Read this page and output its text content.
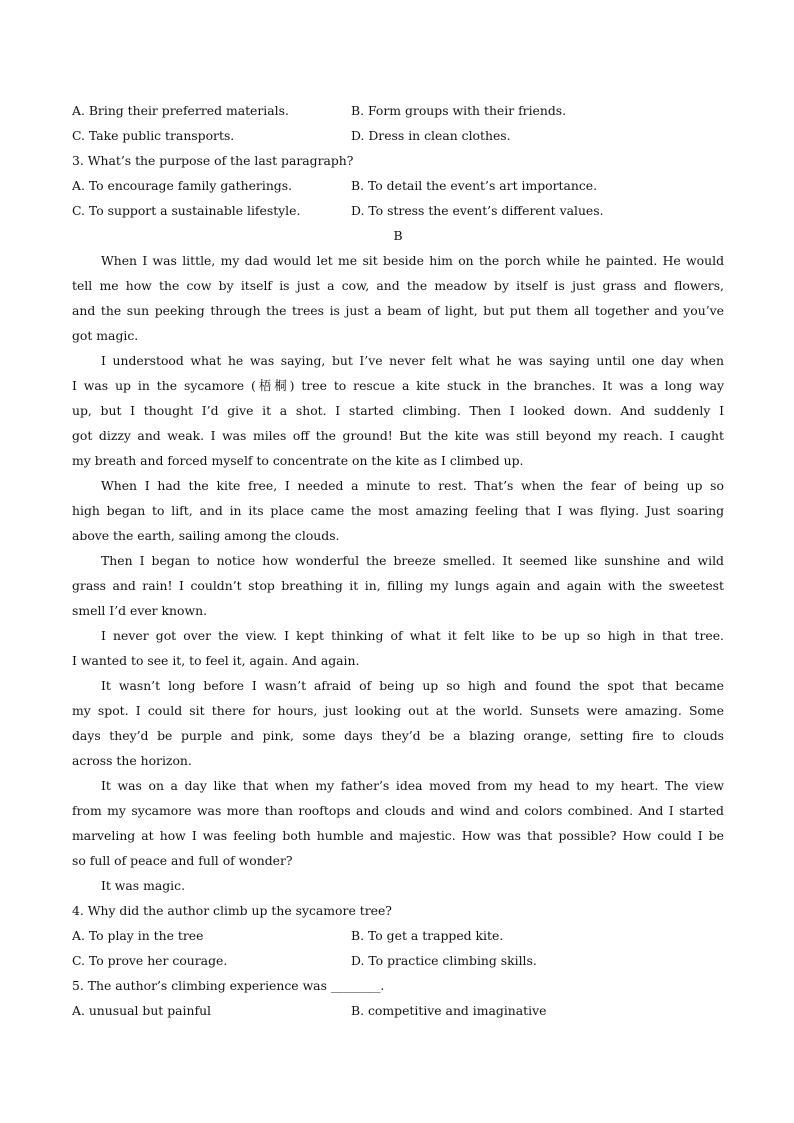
A. Bring their preferred materials.	B. Form groups with their friends.
C. Take public transports.	D. Dress in clean clothes.
3. What’s the purpose of the last paragraph?
A. To encourage family gatherings.	B. To detail the event’s art importance.
C. To support a sustainable lifestyle.	D. To stress the event’s different values.
B
When I was little, my dad would let me sit beside him on the porch while he painted. He would
tell me how the cow by itself is just a cow, and the meadow by itself is just grass and flowers,
and the sun peeking through the trees is just a beam of light, but put them all together and you’ve
got magic.
I understood what he was saying, but I’ve never felt what he was saying until one day when
I was up in the sycamore (梧桐) tree to rescue a kite stuck in the branches. It was a long way
up, but I thought I’d give it a shot. I started climbing. Then I looked down. And suddenly I
got dizzy and weak. I was miles off the ground! But the kite was still beyond my reach. I caught
my breath and forced myself to concentrate on the kite as I climbed up.
When I had the kite free, I needed a minute to rest. That’s when the fear of being up so
high began to lift, and in its place came the most amazing feeling that I was flying. Just soaring
above the earth, sailing among the clouds.
Then I began to notice how wonderful the breeze smelled. It seemed like sunshine and wild
grass and rain! I couldn’t stop breathing it in, filling my lungs again and again with the sweetest
smell I’d ever known.
I never got over the view. I kept thinking of what it felt like to be up so high in that tree.
I wanted to see it, to feel it, again. And again.
It wasn’t long before I wasn’t afraid of being up so high and found the spot that became
my spot. I could sit there for hours, just looking out at the world. Sunsets were amazing. Some
days they’d be purple and pink, some days they’d be a blazing orange, setting fire to clouds
across the horizon.
It was on a day like that when my father’s idea moved from my head to my heart. The view
from my sycamore was more than rooftops and clouds and wind and colors combined. And I started
marveling at how I was feeling both humble and majestic. How was that possible? How could I be
so full of peace and full of wonder?
It was magic.
4. Why did the author climb up the sycamore tree?
A. To play in the tree	B. To get a trapped kite.
C. To prove her courage.	D. To practice climbing skills.
5. The author’s climbing experience was ________.
A. unusual but painful	B. competitive and imaginative
